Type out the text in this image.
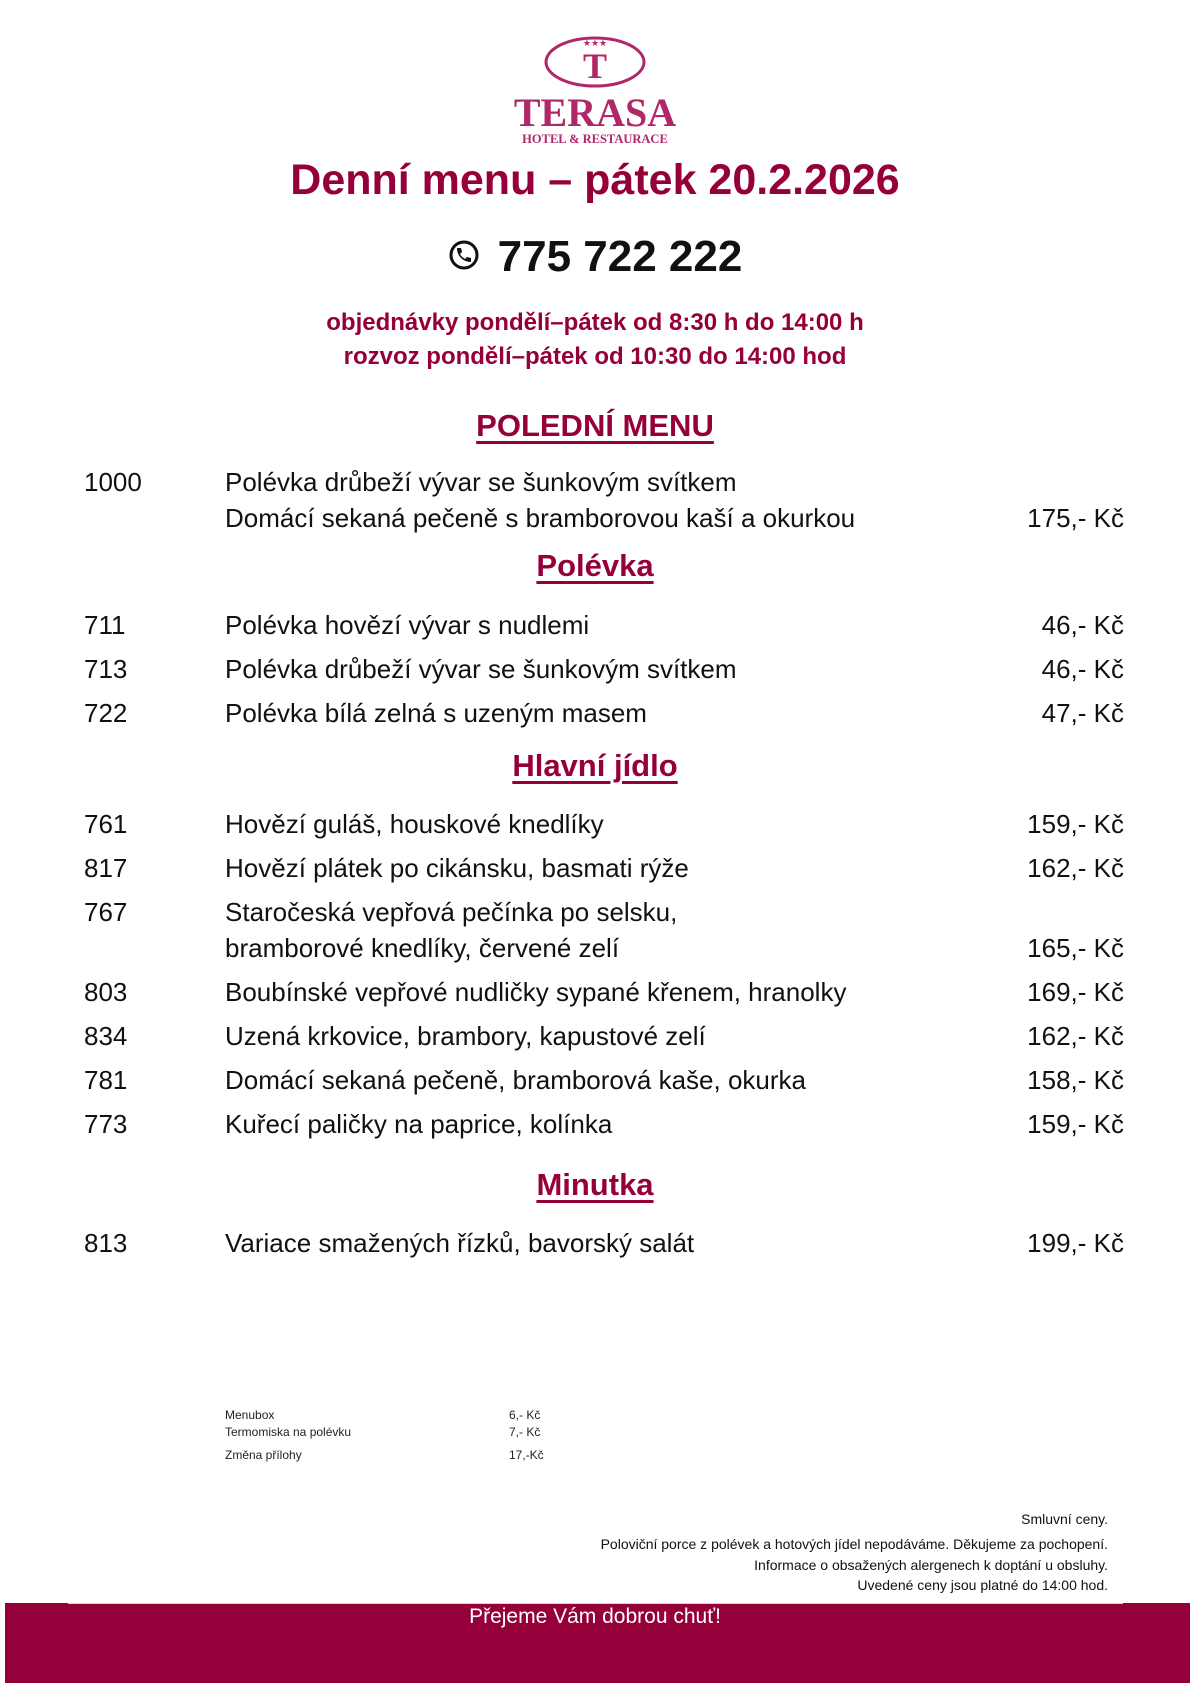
★★★
T
TERASA
HOTEL & RESTAURACE
Denní menu – pátek 20.2.2026
775 722 222
objednávky pondělí–pátek od 8:30 h do 14:00 h
rozvoz pondělí–pátek od 10:30 do 14:00 hod
POLEDNÍ MENU
1000	Polévka drůbeží vývar se šunkovým svítkem
Domácí sekaná pečeně s bramborovou kaší a okurkou	175,- Kč
Polévka
711	Polévka hovězí vývar s nudlemi	46,- Kč
713	Polévka drůbeží vývar se šunkovým svítkem	46,- Kč
722	Polévka bílá zelná s uzeným masem	47,- Kč
Hlavní jídlo
761	Hovězí guláš, houskové knedlíky	159,- Kč
817	Hovězí plátek po cikánsku, basmati rýže	162,- Kč
767	Staročeská vepřová pečínka po selsku,
bramborové knedlíky, červené zelí	165,- Kč
803	Boubínské vepřové nudličky sypané křenem, hranolky	169,- Kč
834	Uzená krkovice, brambory, kapustové zelí	162,- Kč
781	Domácí sekaná pečeně, bramborová kaše, okurka	158,- Kč
773	Kuřecí paličky na paprice, kolínka	159,- Kč
Minutka
813	Variace smažených řízků, bavorský salát	199,- Kč
Menubox	6,- Kč
Termomiska na polévku	7,- Kč
Změna přílohy	17,-Kč
Smluvní ceny.
Poloviční porce z polévek a hotových jídel nepodáváme. Děkujeme za pochopení.
Informace o obsažených alergenech k doptání u obsluhy.
Uvedené ceny jsou platné do 14:00 hod.
Přejeme Vám dobrou chuť!
